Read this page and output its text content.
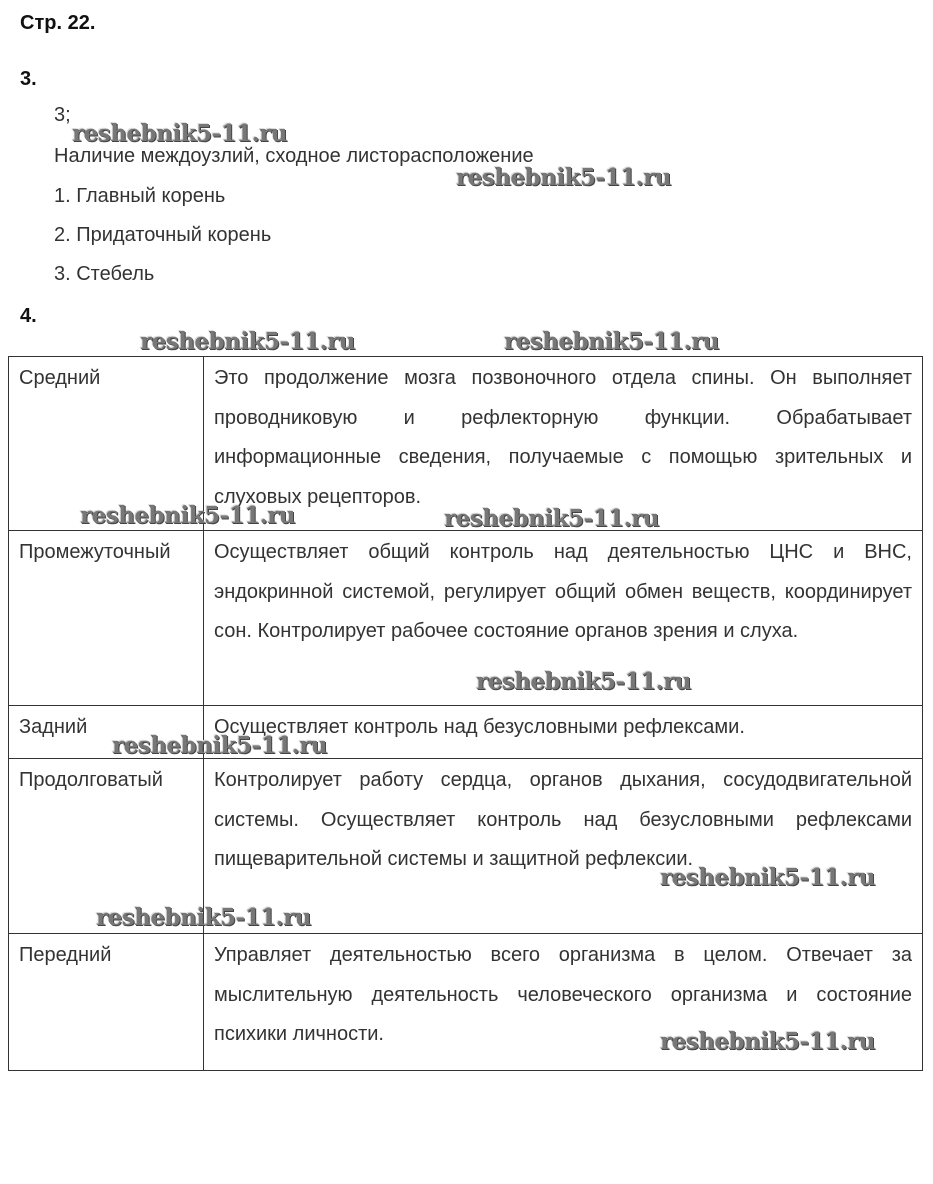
Стр. 22.
3.
3;
Наличие междоузлий, сходное листорасположение
1. Главный корень
2. Придаточный корень
3. Стебель
4.
Средний	Это продолжение мозга позвоночного отдела спины. Он выполняет проводниковую и рефлекторную функции. Обрабатывает информационные сведения, получаемые с помощью зрительных и слуховых рецепторов.
Промежуточный	Осуществляет общий контроль над деятельностью ЦНС и ВНС, эндокринной системой, регулирует общий обмен веществ, координирует сон. Контролирует рабочее состояние органов зрения и слуха.
Задний	Осуществляет контроль над безусловными рефлексами.
Продолговатый	Контролирует работу сердца, органов дыхания, сосудодвигательной системы. Осуществляет контроль над безусловными рефлексами пищеварительной системы и защитной рефлексии.
Передний	Управляет деятельностью всего организма в целом. Отвечает за мыслительную деятельность человеческого организма и состояние психики личности.
reshebnik5-11.ru
reshebnik5-11.ru
reshebnik5-11.ru	reshebnik5-11.ru
reshebnik5-11.ru	reshebnik5-11.ru
reshebnik5-11.ru
reshebnik5-11.ru
reshebnik5-11.ru
reshebnik5-11.ru
reshebnik5-11.ru
